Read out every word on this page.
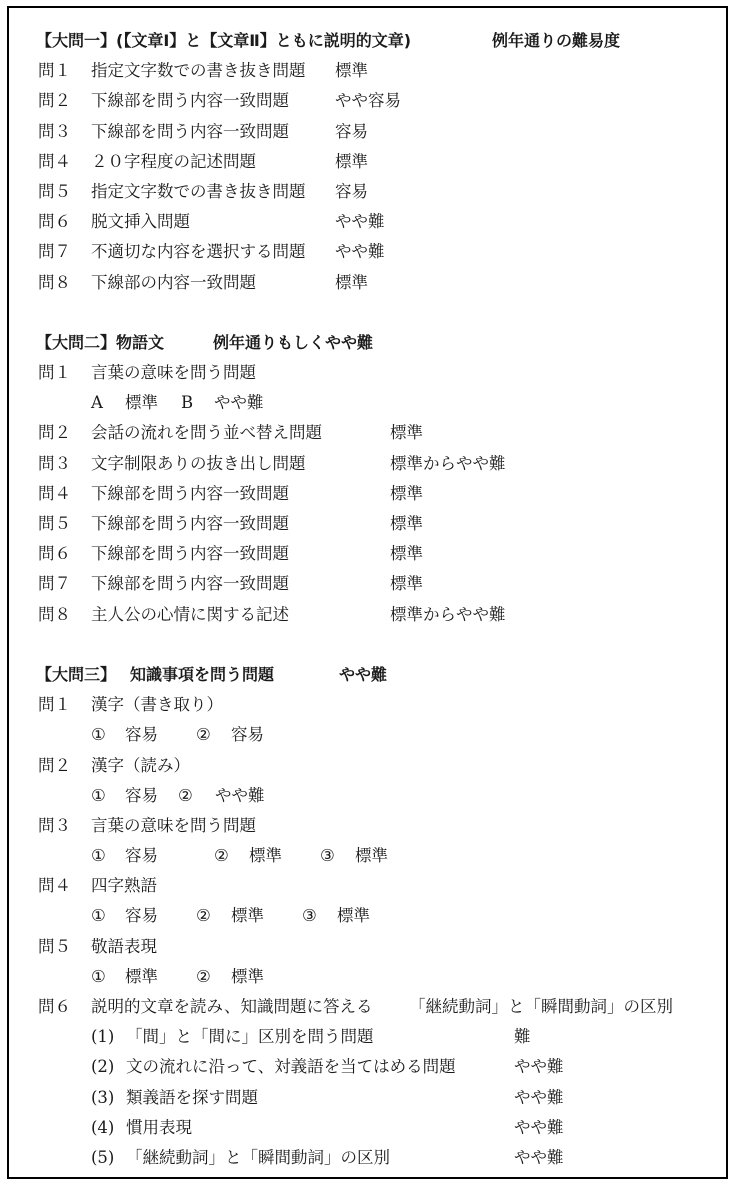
【大問一】(【文章Ⅰ】と【文章Ⅱ】ともに説明的文章)	例年通りの難易度
問１ 指定文字数での書き抜き問題 標準
問２ 下線部を問う内容一致問題	やや容易
問３ 下線部を問う内容一致問題	容易
問４ ２０字程度の記述問題	標準
問５ 指定文字数での書き抜き問題 容易
問６ 脱文挿入問題	やや難
問７ 不適切な内容を選択する問題 やや難
問８ 下線部の内容一致問題	標準
【大問二】物語文	例年通りもしくやや難
問１ 言葉の意味を問う問題
A 標準 B やや難
問２ 会話の流れを問う並べ替え問題	標準
問３ 文字制限ありの抜き出し問題	標準からやや難
問４ 下線部を問う内容一致問題	標準
問５ 下線部を問う内容一致問題	標準
問６ 下線部を問う内容一致問題	標準
問７ 下線部を問う内容一致問題	標準
問８ 主人公の心情に関する記述	標準からやや難
【大問三】 知識事項を問う問題	やや難
問１ 漢字（書き取り）
① 容易 ② 容易
問２ 漢字（読み）
① 容易 ② やや難
問３ 言葉の意味を問う問題
① 容易	② 標準 ③ 標準
問４ 四字熟語
① 容易 ② 標準 ③ 標準
問５ 敬語表現
① 標準 ② 標準
問６ 説明的文章を読み、知識問題に答える 「継続動詞」と「瞬間動詞」の区別
(1) 「間」と「間に」区別を問う問題	難
(2) 文の流れに沿って、対義語を当てはめる問題	やや難
(3) 類義語を探す問題	やや難
(4) 慣用表現	やや難
(5) 「継続動詞」と「瞬間動詞」の区別	やや難
